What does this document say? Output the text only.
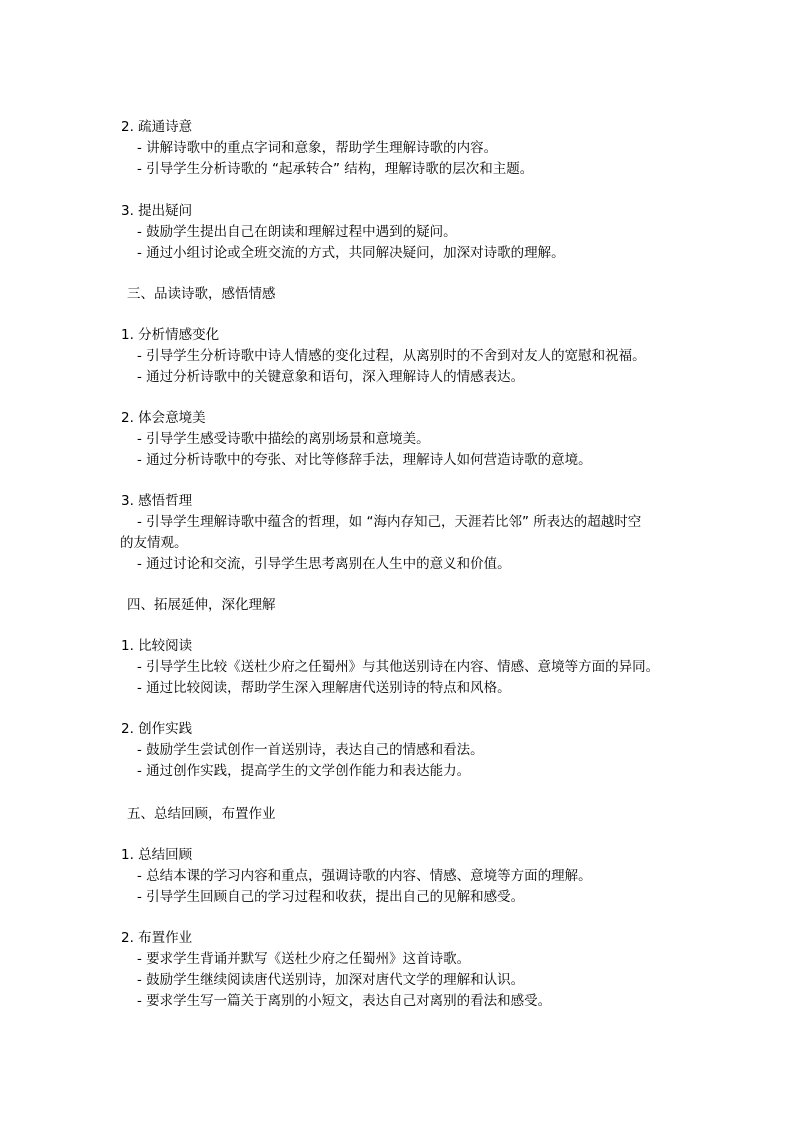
2. 疏通诗意
- 讲解诗歌中的重点字词和意象，帮助学生理解诗歌的内容。
- 引导学生分析诗歌的 “起承转合” 结构，理解诗歌的层次和主题。
3. 提出疑问
- 鼓励学生提出自己在朗读和理解过程中遇到的疑问。
- 通过小组讨论或全班交流的方式，共同解决疑问，加深对诗歌的理解。
三、品读诗歌，感悟情感
1. 分析情感变化
- 引导学生分析诗歌中诗人情感的变化过程，从离别时的不舍到对友人的宽慰和祝福。
- 通过分析诗歌中的关键意象和语句，深入理解诗人的情感表达。
2. 体会意境美
- 引导学生感受诗歌中描绘的离别场景和意境美。
- 通过分析诗歌中的夸张、对比等修辞手法，理解诗人如何营造诗歌的意境。
3. 感悟哲理
- 引导学生理解诗歌中蕴含的哲理，如 “海内存知己，天涯若比邻” 所表达的超越时空
的友情观。
- 通过讨论和交流，引导学生思考离别在人生中的意义和价值。
四、拓展延伸，深化理解
1. 比较阅读
- 引导学生比较《送杜少府之任蜀州》与其他送别诗在内容、情感、意境等方面的异同。
- 通过比较阅读，帮助学生深入理解唐代送别诗的特点和风格。
2. 创作实践
- 鼓励学生尝试创作一首送别诗，表达自己的情感和看法。
- 通过创作实践，提高学生的文学创作能力和表达能力。
五、总结回顾，布置作业
1. 总结回顾
- 总结本课的学习内容和重点，强调诗歌的内容、情感、意境等方面的理解。
- 引导学生回顾自己的学习过程和收获，提出自己的见解和感受。
2. 布置作业
- 要求学生背诵并默写《送杜少府之任蜀州》这首诗歌。
- 鼓励学生继续阅读唐代送别诗，加深对唐代文学的理解和认识。
- 要求学生写一篇关于离别的小短文，表达自己对离别的看法和感受。
